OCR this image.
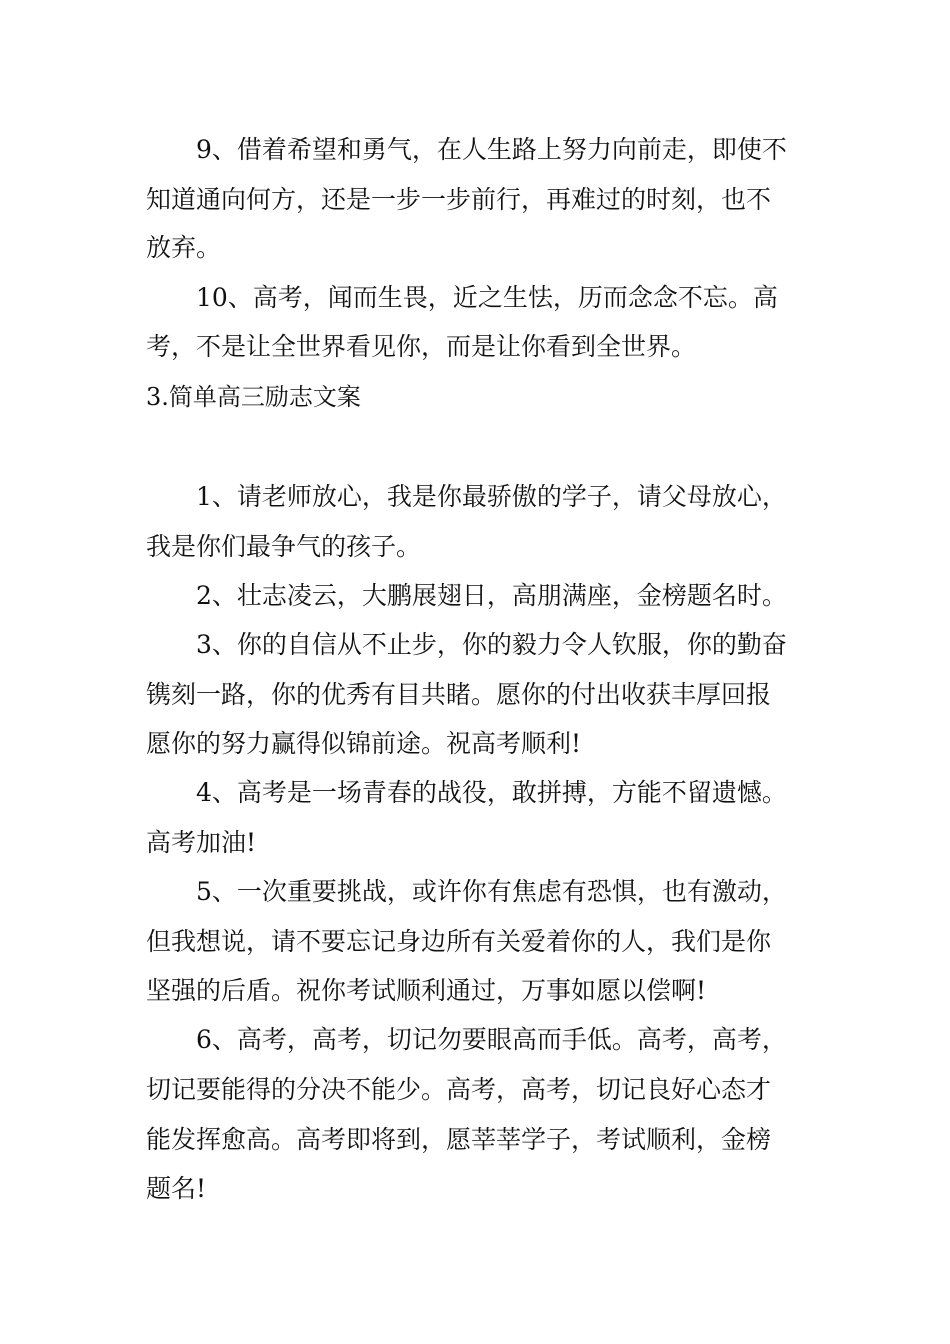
9、借着希望和勇气，在人生路上努力向前走，即使不

知道通向何方，还是一步一步前行，再难过的时刻，也不

放弃。

10、高考，闻而生畏，近之生怯，历而念念不忘。高

考，不是让全世界看见你，而是让你看到全世界。

3.简单高三励志文案

1、请老师放心，我是你最骄傲的学子，请父母放心，

我是你们最争气的孩子。

2、壮志凌云，大鹏展翅日，高朋满座，金榜题名时。

3、你的自信从不止步，你的毅力令人钦服，你的勤奋

镌刻一路，你的优秀有目共睹。愿你的付出收获丰厚回报

愿你的努力赢得似锦前途。祝高考顺利!

4、高考是一场青春的战役，敢拼搏，方能不留遗憾。

高考加油!

5、一次重要挑战，或许你有焦虑有恐惧，也有激动，

但我想说，请不要忘记身边所有关爱着你的人，我们是你

坚强的后盾。祝你考试顺利通过，万事如愿以偿啊!

6、高考，高考，切记勿要眼高而手低。高考，高考，

切记要能得的分决不能少。高考，高考，切记良好心态才

能发挥愈高。高考即将到，愿莘莘学子，考试顺利，金榜

题名!
